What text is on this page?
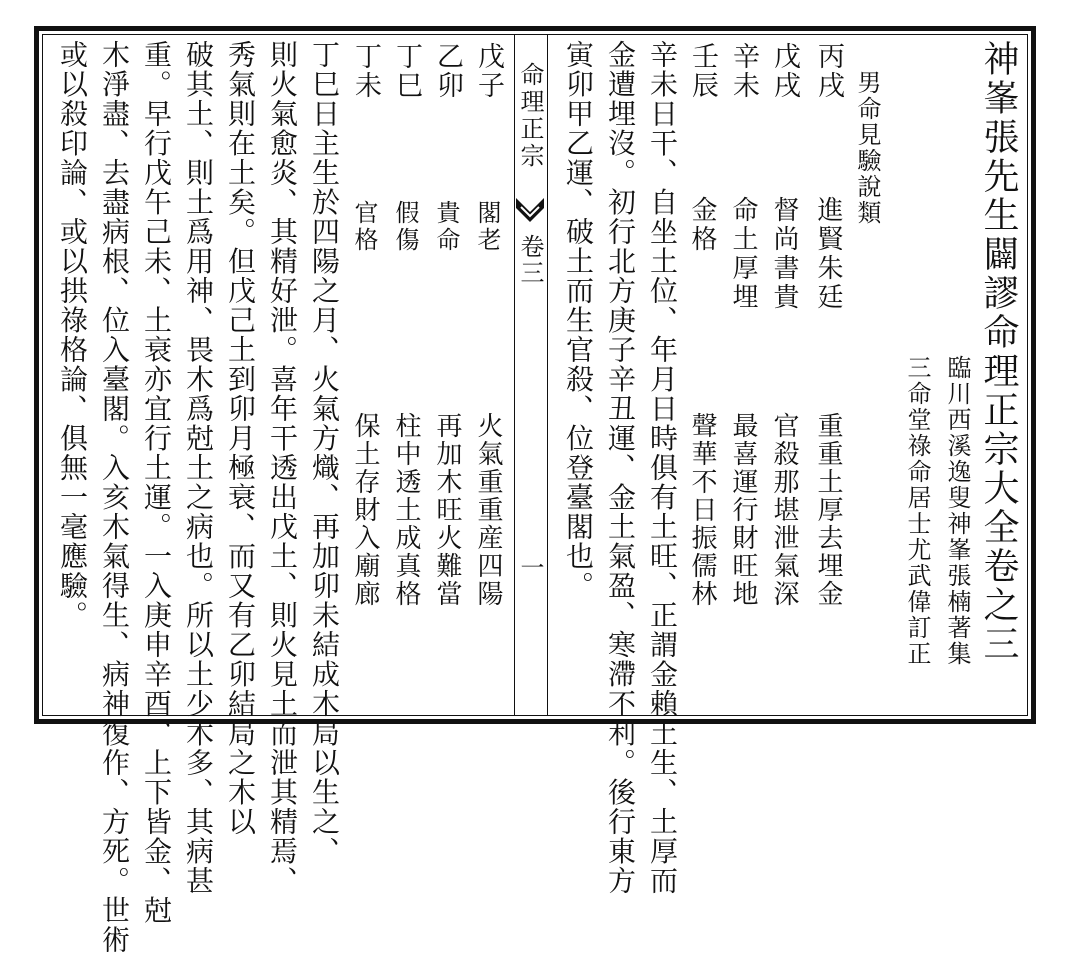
神峯張先生闢謬命理正宗大全卷之三
臨川西溪逸叟神峯張楠著集
三命堂祿命居士尤武偉訂正
男命見驗說類
丙戌
戊戌
辛未
壬辰
進賢朱廷
督尚書貴
命土厚埋
金格
重重土厚去埋金
官殺那堪泄氣深
最喜運行財旺地
聲華不日振儒林
辛未日干、自坐土位、年月日時俱有土旺、正謂金賴土生、土厚而
金遭埋沒。初行北方庚子辛丑運、金土氣盈、寒滯不利。後行東方
寅卯甲乙運、破土而生官殺、位登臺閣也。
命理正宗
卷三
一
戊子
乙卯
丁巳
丁未
閣老
貴命
假傷
官格
火氣重重産四陽
再加木旺火難當
柱中透土成真格
保土存財入廟廊
丁巳日主生於四陽之月、火氣方熾、再加卯未結成木局以生之、
則火氣愈炎、其精好泄。喜年干透出戊土、則火見土而泄其精焉、
秀氣則在土矣。但戊己土到卯月極衰、而又有乙卯結局之木以
破其土、則土爲用神、畏木爲尅土之病也。所以土少木多、其病甚
重。早行戊午己未、土衰亦宜行土運。一入庚申辛酉、上下皆金、尅
木淨盡、去盡病根、位入臺閣。入亥木氣得生、病神復作、方死。世術
或以殺印論、或以拱祿格論、俱無一毫應驗。
